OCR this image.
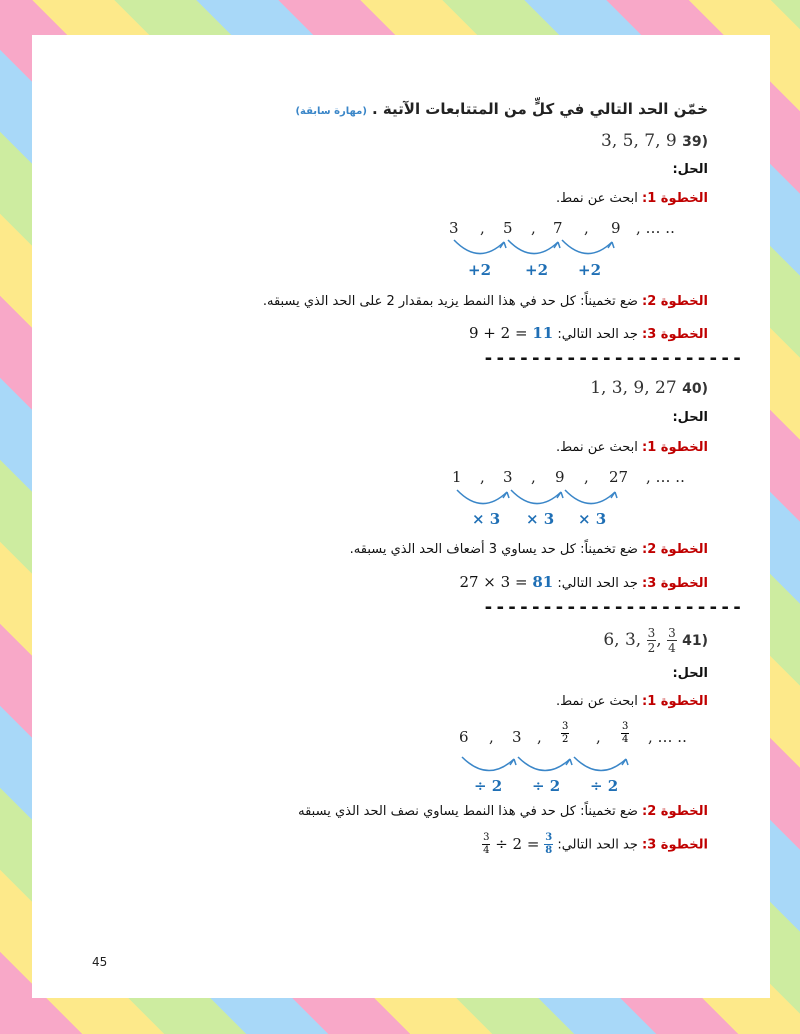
خمّن الحد التالي في كلٍّ من المتتابعات الآتية . (مهارة سابقة)
3, 5, 7, 9 39)
الحل:
الخطوة 1: ابحث عن نمط.
3 , 5 , 7 , 9 , … ..
+2 +2 +2
الخطوة 2: ضع تخميناً: كل حد في هذا النمط يزيد بمقدار 2 على الحد الذي يسبقه.
الخطوة 3: جد الحد التالي: 9 + 2 = 11
----------------------
1, 3, 9, 27 40)
الحل:
الخطوة 1: ابحث عن نمط.
1 , 3 , 9 , 27 , … ..
× 3 × 3 × 3
الخطوة 2: ضع تخميناً: كل حد يساوي 3 أضعاف الحد الذي يسبقه.
الخطوة 3: جد الحد التالي: 27 × 3 = 81
----------------------
6, 3, $\frac{3}{2}$ , $\frac{3}{4} 41$)
الحل:
الخطوة 1: ابحث عن نمط.
6 , 3 , $\frac{3}{2}$ , $\frac{3}{4}$ , … ..
÷ 2 ÷ 2 ÷ 2
الخطوة 2: ضع تخميناً: كل حد في هذا النمط يساوي نصف الحد الذي يسبقه
الخطوة 3: جد الحد التالي:
$\frac{3}{4} \div 2 = \frac{3}{8}$
45
